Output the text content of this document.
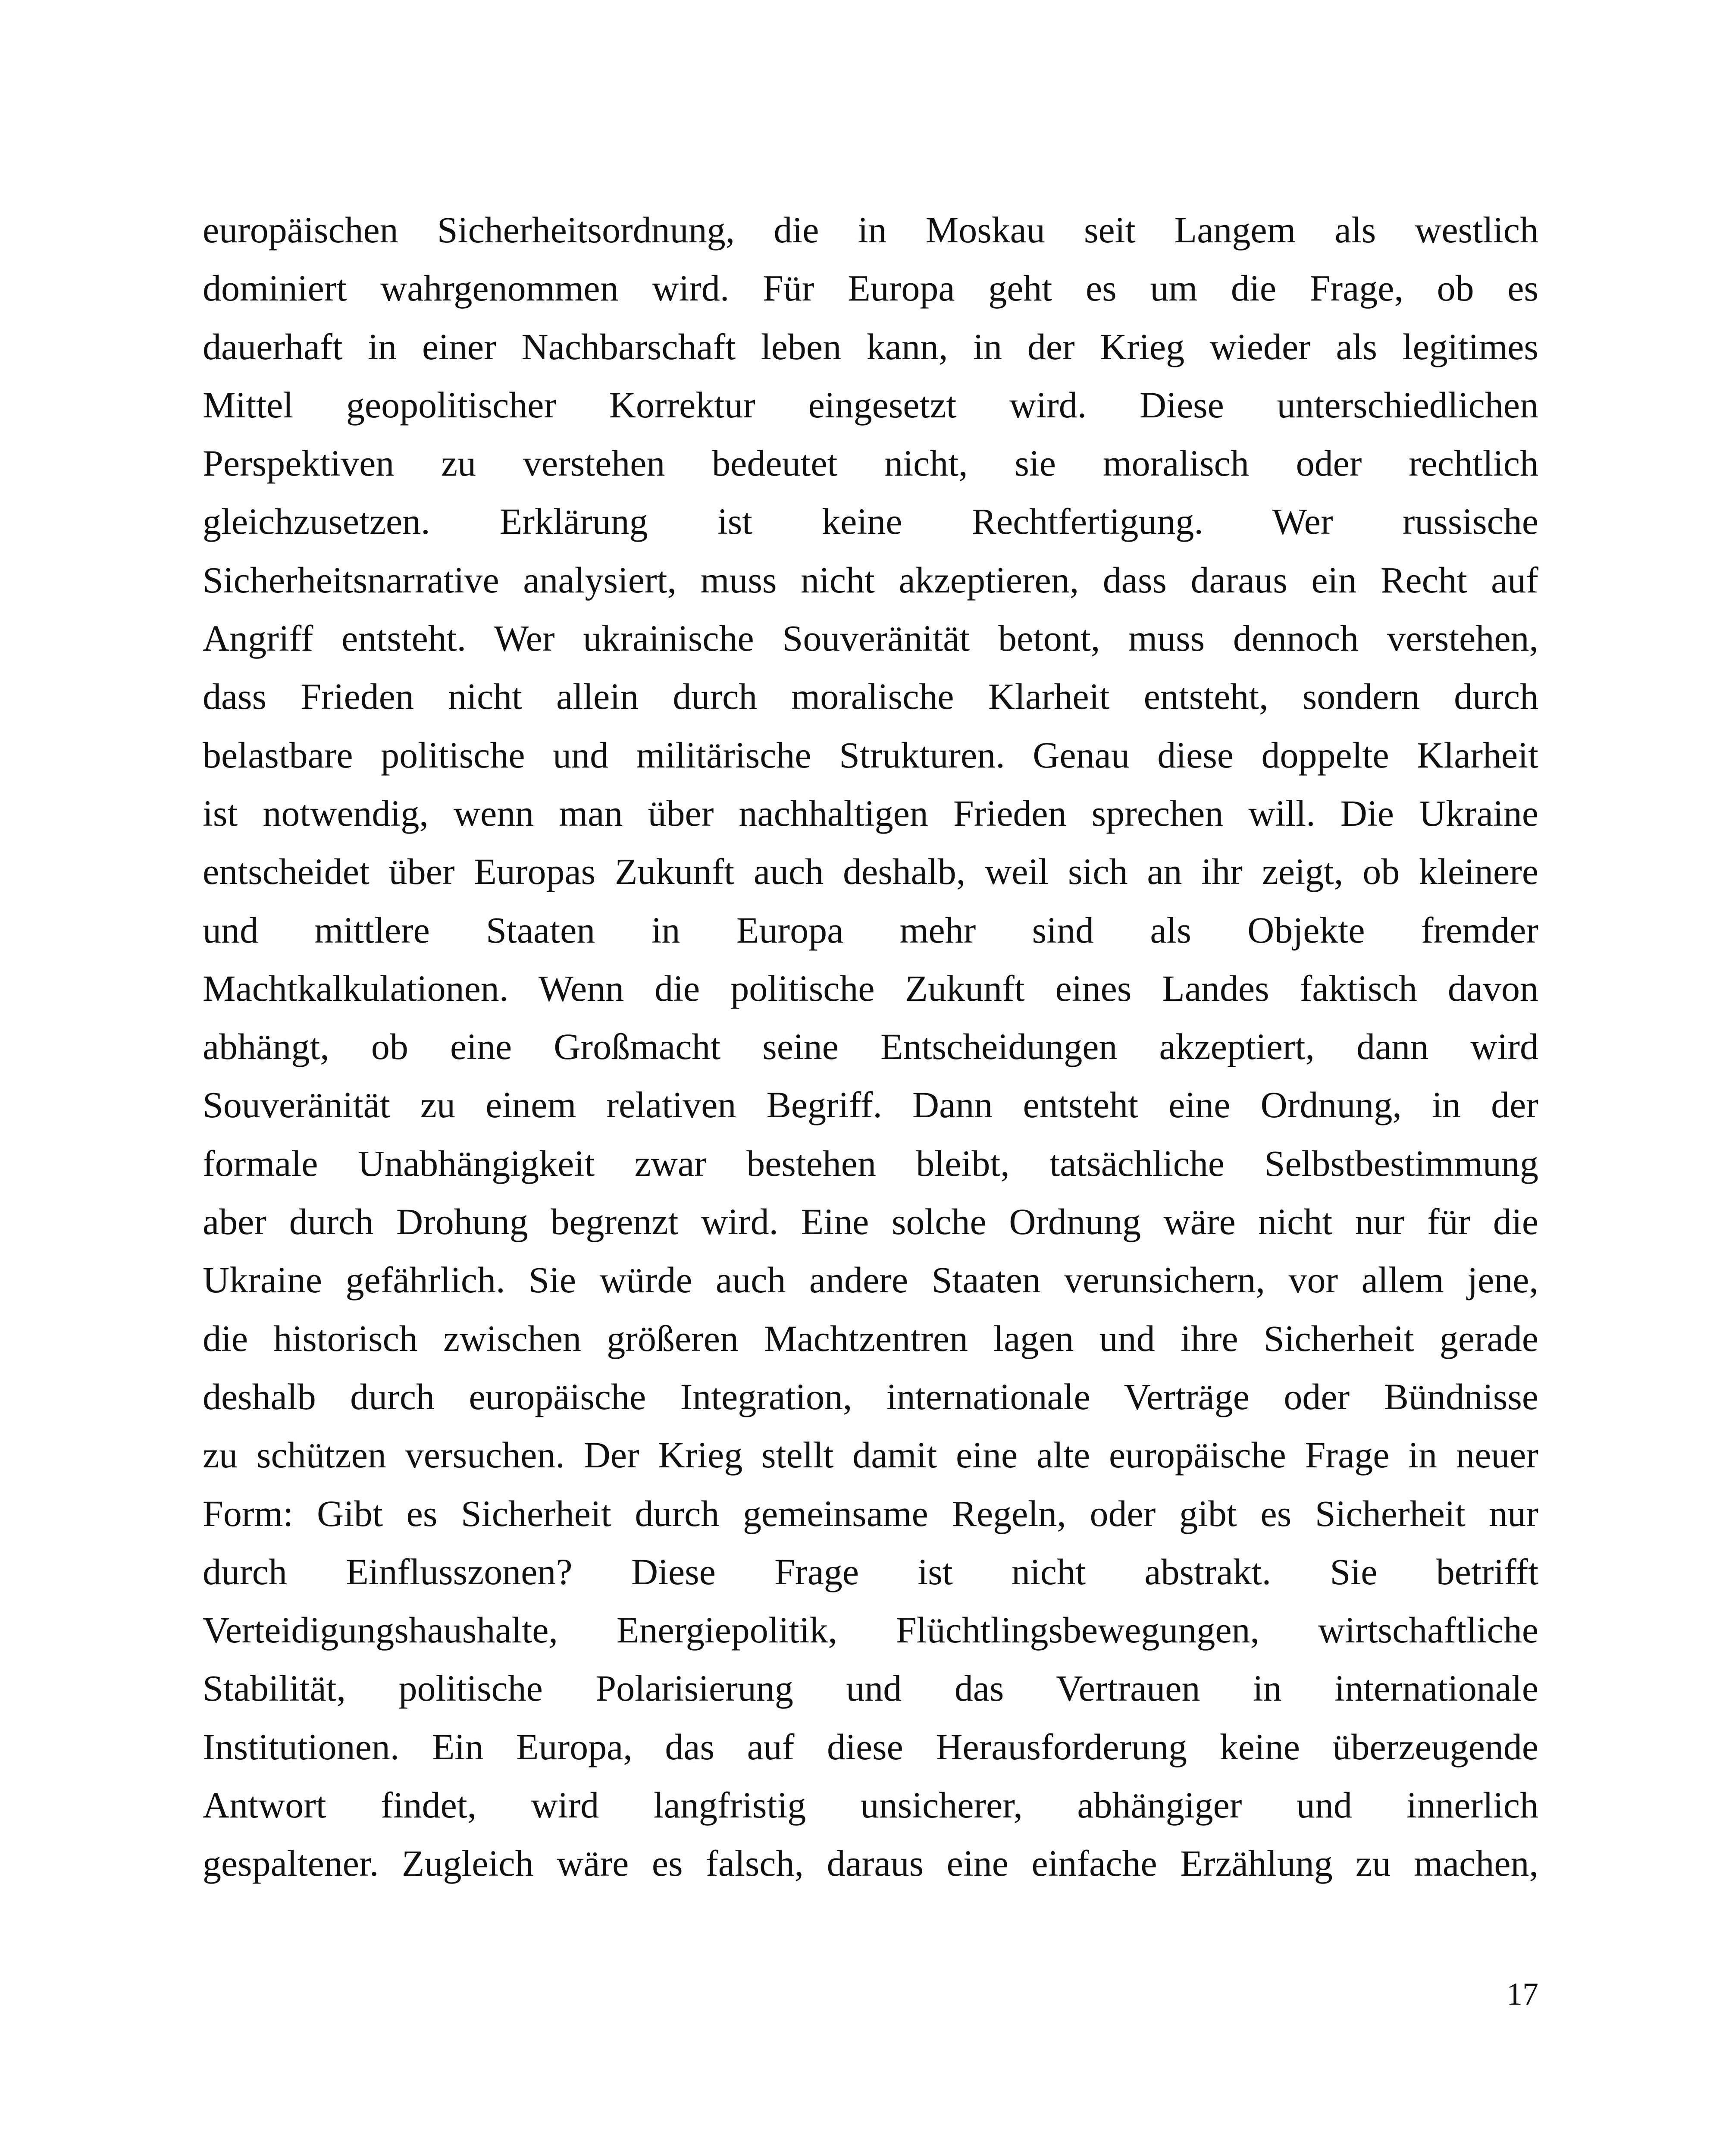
europäischen Sicherheitsordnung, die in Moskau seit Langem als westlich
dominiert wahrgenommen wird. Für Europa geht es um die Frage, ob es
dauerhaft in einer Nachbarschaft leben kann, in der Krieg wieder als legitimes
Mittel geopolitischer Korrektur eingesetzt wird. Diese unterschiedlichen
Perspektiven zu verstehen bedeutet nicht, sie moralisch oder rechtlich
gleichzusetzen. Erklärung ist keine Rechtfertigung. Wer russische
Sicherheitsnarrative analysiert, muss nicht akzeptieren, dass daraus ein Recht auf
Angriff entsteht. Wer ukrainische Souveränität betont, muss dennoch verstehen,
dass Frieden nicht allein durch moralische Klarheit entsteht, sondern durch
belastbare politische und militärische Strukturen. Genau diese doppelte Klarheit
ist notwendig, wenn man über nachhaltigen Frieden sprechen will. Die Ukraine
entscheidet über Europas Zukunft auch deshalb, weil sich an ihr zeigt, ob kleinere
und mittlere Staaten in Europa mehr sind als Objekte fremder
Machtkalkulationen. Wenn die politische Zukunft eines Landes faktisch davon
abhängt, ob eine Großmacht seine Entscheidungen akzeptiert, dann wird
Souveränität zu einem relativen Begriff. Dann entsteht eine Ordnung, in der
formale Unabhängigkeit zwar bestehen bleibt, tatsächliche Selbstbestimmung
aber durch Drohung begrenzt wird. Eine solche Ordnung wäre nicht nur für die
Ukraine gefährlich. Sie würde auch andere Staaten verunsichern, vor allem jene,
die historisch zwischen größeren Machtzentren lagen und ihre Sicherheit gerade
deshalb durch europäische Integration, internationale Verträge oder Bündnisse
zu schützen versuchen. Der Krieg stellt damit eine alte europäische Frage in neuer
Form: Gibt es Sicherheit durch gemeinsame Regeln, oder gibt es Sicherheit nur
durch Einflusszonen? Diese Frage ist nicht abstrakt. Sie betrifft
Verteidigungshaushalte, Energiepolitik, Flüchtlingsbewegungen, wirtschaftliche
Stabilität, politische Polarisierung und das Vertrauen in internationale
Institutionen. Ein Europa, das auf diese Herausforderung keine überzeugende
Antwort findet, wird langfristig unsicherer, abhängiger und innerlich
gespaltener. Zugleich wäre es falsch, daraus eine einfache Erzählung zu machen,
17
